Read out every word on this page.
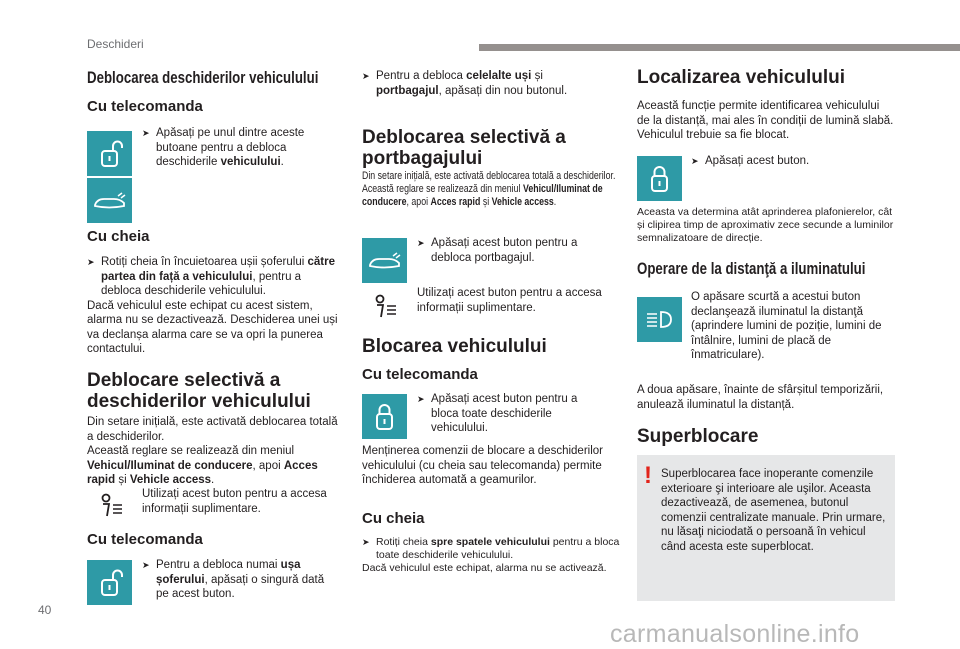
Deschideri
Deblocarea deschiderilor vehiculului
Cu telecomanda

➤ Apăsați pe unul dintre aceste butoane pentru a debloca deschiderile vehiculului.

Cu cheia

➤ Rotiți cheia în încuietoarea ușii șoferului către partea din față a vehiculului, pentru a debloca deschiderile vehiculului.

Dacă vehiculul este echipat cu acest sistem, alarma nu se dezactivează. Deschiderea unei uși va declanșa alarma care se va opri la punerea contactului.

Deblocare selectivă a deschiderilor vehiculului

Din setare inițială, este activată deblocarea totală a deschiderilor.
Această reglare se realizează din meniul Vehicul/Iluminat de conducere, apoi Acces rapid și Vehicle access.

Utilizați acest buton pentru a accesa informații suplimentare.

Cu telecomanda

➤ Pentru a debloca numai ușa șoferului, apăsați o singură dată pe acest buton.

➤ Pentru a debloca celelalte uși și portbagajul, apăsați din nou butonul.

Deblocarea selectivă a portbagajului

Din setare inițială, este activată deblocarea totală a deschiderilor.
Această reglare se realizează din meniul Vehicul/Iluminat de conducere, apoi Acces rapid și Vehicle access.

➤ Apăsați acest buton pentru a debloca portbagajul.

Utilizați acest buton pentru a accesa informații suplimentare.

Blocarea vehiculului
Cu telecomanda

➤ Apăsați acest buton pentru a bloca toate deschiderile vehiculului.

Menținerea comenzii de blocare a deschiderilor vehiculului (cu cheia sau telecomanda) permite închiderea automată a geamurilor.

Cu cheia

➤ Rotiți cheia spre spatele vehiculului pentru a bloca toate deschiderile vehiculului.

Dacă vehiculul este echipat, alarma nu se activează.

Localizarea vehiculului

Această funcție permite identificarea vehiculului de la distanță, mai ales în condiții de lumină slabă. Vehiculul trebuie sa fie blocat.

➤ Apăsați acest buton.

Aceasta va determina atât aprinderea plafonierelor, cât și clipirea timp de aproximativ zece secunde a luminilor semnalizatoare de direcție.

Operare de la distanţă a iluminatului

O apăsare scurtă a acestui buton declanşează iluminatul la distanţă (aprindere lumini de poziție, lumini de întâlnire, lumini de placă de înmatriculare).

A doua apăsare, înainte de sfârșitul temporizării, anulează iluminatul la distanță.

Superblocare
! Superblocarea face inoperante comenzile exterioare şi interioare ale uşilor. Aceasta dezactivează, de asemenea, butonul comenzii centralizate manuale. Prin urmare, nu lăsaţi niciodată o persoană în vehicul când acesta este superblocat.

40
carmanualsonline.info
